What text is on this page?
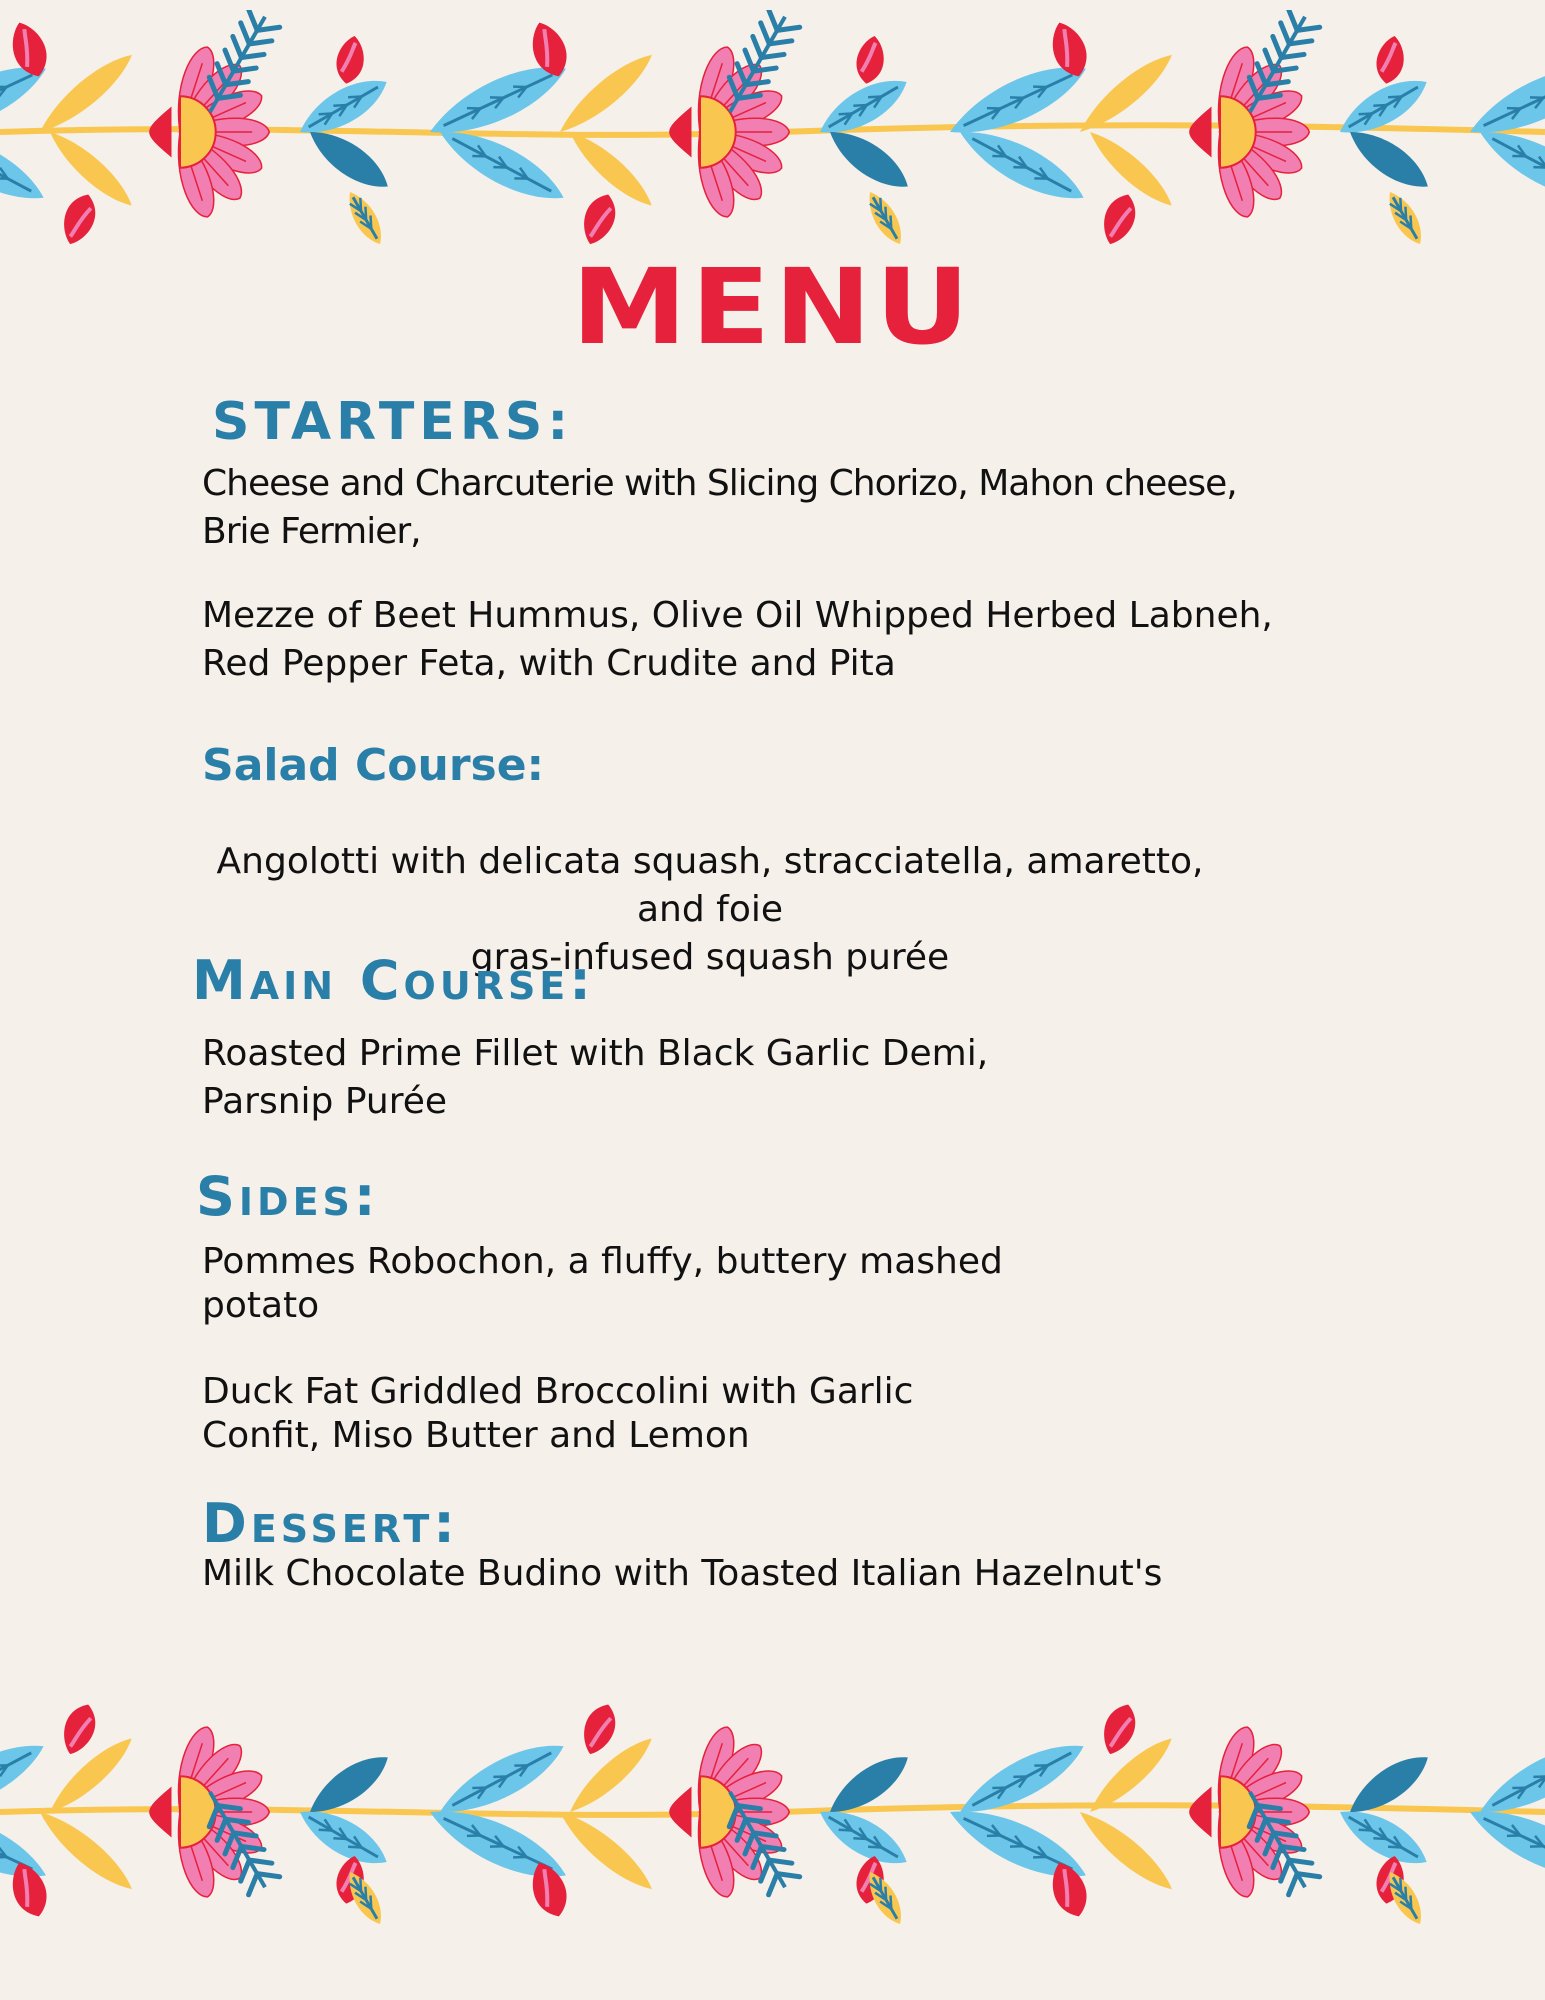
MENU
STARTERS:
Cheese and Charcuterie with Slicing Chorizo, Mahon cheese,
Brie Fermier,
Mezze of Beet Hummus, Olive Oil Whipped Herbed Labneh,
Red Pepper Feta, with Crudite and Pita
Salad Course:
Angolotti with delicata squash, stracciatella, amaretto, and foie
gras-infused squash purée
Main Course:
Roasted Prime Fillet with Black Garlic Demi,
Parsnip Purée
Sides:
Pommes Robochon, a fluffy, buttery mashed
potato
Duck Fat Griddled Broccolini with Garlic
Confit, Miso Butter and Lemon
Dessert:
Milk Chocolate Budino with Toasted Italian Hazelnut's
